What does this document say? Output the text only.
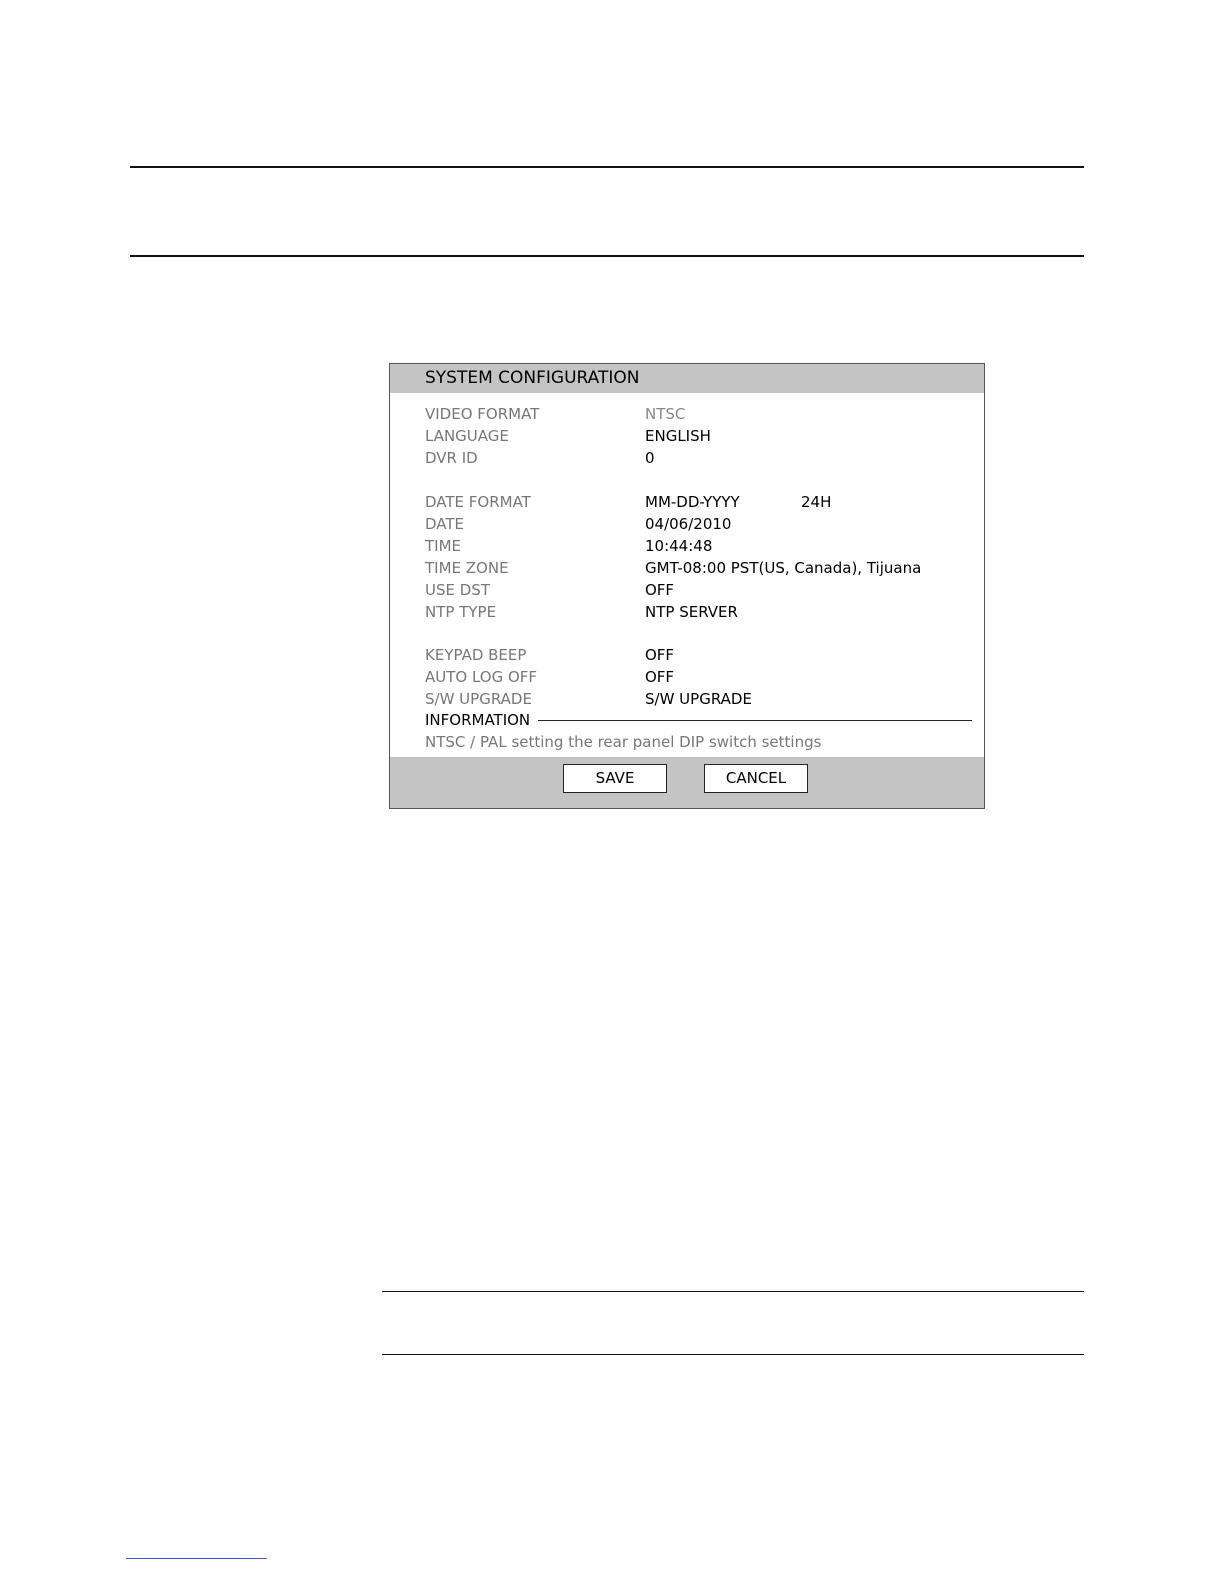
SYSTEM CONFIGURATION
VIDEO FORMAT	NTSC
LANGUAGE	ENGLISH
DVR ID	0
DATE FORMAT	MM-DD-YYYY	24H
DATE	04/06/2010
TIME	10:44:48
TIME ZONE	GMT-08:00 PST(US, Canada), Tijuana
USE DST	OFF
NTP TYPE	NTP SERVER
KEYPAD BEEP	OFF
AUTO LOG OFF	OFF
S/W UPGRADE	S/W UPGRADE
INFORMATION
NTSC / PAL setting the rear panel DIP switch settings
SAVE	CANCEL
